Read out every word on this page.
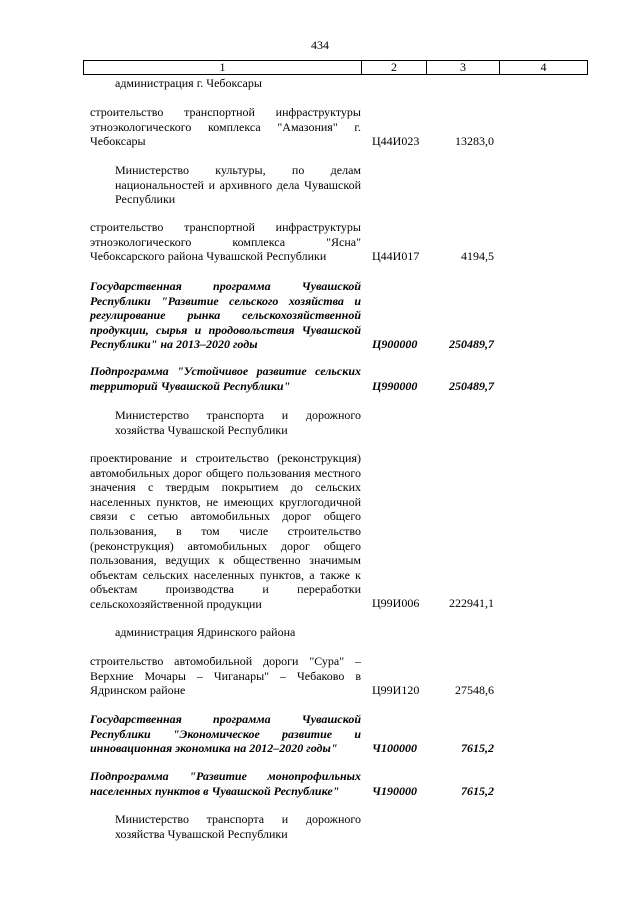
434
1	2	3	4
администрация г. Чебоксары
строительство транспортной инфраструктуры этноэкологического комплекса "Амазония" г. Чебоксары	Ц44И023	13283,0
Министерство культуры, по делам национальностей и архивного дела Чувашской Республики
строительство транспортной инфраструктуры этноэкологического комплекса "Ясна" Чебоксарского района Чувашской Республики	Ц44И017	4194,5
Государственная программа Чувашской Республики "Развитие сельского хозяйства и регулирование рынка сельскохозяйственной продукции, сырья и продовольствия Чувашской Республики" на 2013–2020 годы	Ц900000	250489,7
Подпрограмма "Устойчивое развитие сельских территорий Чувашской Республики"	Ц990000	250489,7
Министерство транспорта и дорожного хозяйства Чувашской Республики
проектирование и строительство (реконструкция) автомобильных дорог общего пользования местного значения с твердым покрытием до сельских населенных пунктов, не имеющих круглогодичной связи с сетью автомобильных дорог общего пользования, в том числе строительство (реконструкция) автомобильных дорог общего пользования, ведущих к общественно значимым объектам сельских населенных пунктов, а также к объектам производства и переработки сельскохозяйственной продукции	Ц99И006	222941,1
администрация Ядринского района
строительство автомобильной дороги "Сура" – Верхние Мочары – Чиганары" – Чебаково в Ядринском районе	Ц99И120	27548,6
Государственная программа Чувашской Республики "Экономическое развитие и инновационная экономика на 2012–2020 годы"	Ч100000	7615,2
Подпрограмма "Развитие монопрофильных населенных пунктов в Чувашской Республике"	Ч190000	7615,2
Министерство транспорта и дорожного хозяйства Чувашской Республики
